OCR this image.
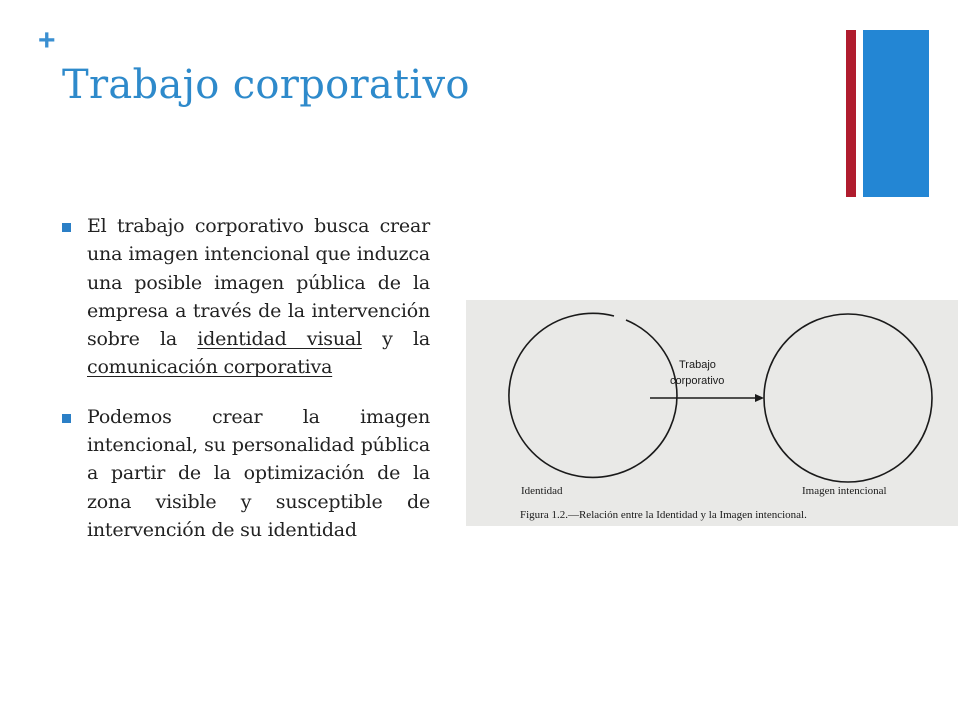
+
Trabajo corporativo
El trabajo corporativo busca crear una imagen intencional que induzca una posible imagen pública de la empresa a través de la intervención sobre la identidad visual y la comunicación corporativa
Podemos crear la imagen intencional, su personalidad pública a partir de la optimización de la zona visible y susceptible de intervención de su identidad
Trabajo
corporativo
Identidad	Imagen intencional
Figura 1.2.—Relación entre la Identidad y la Imagen intencional.
